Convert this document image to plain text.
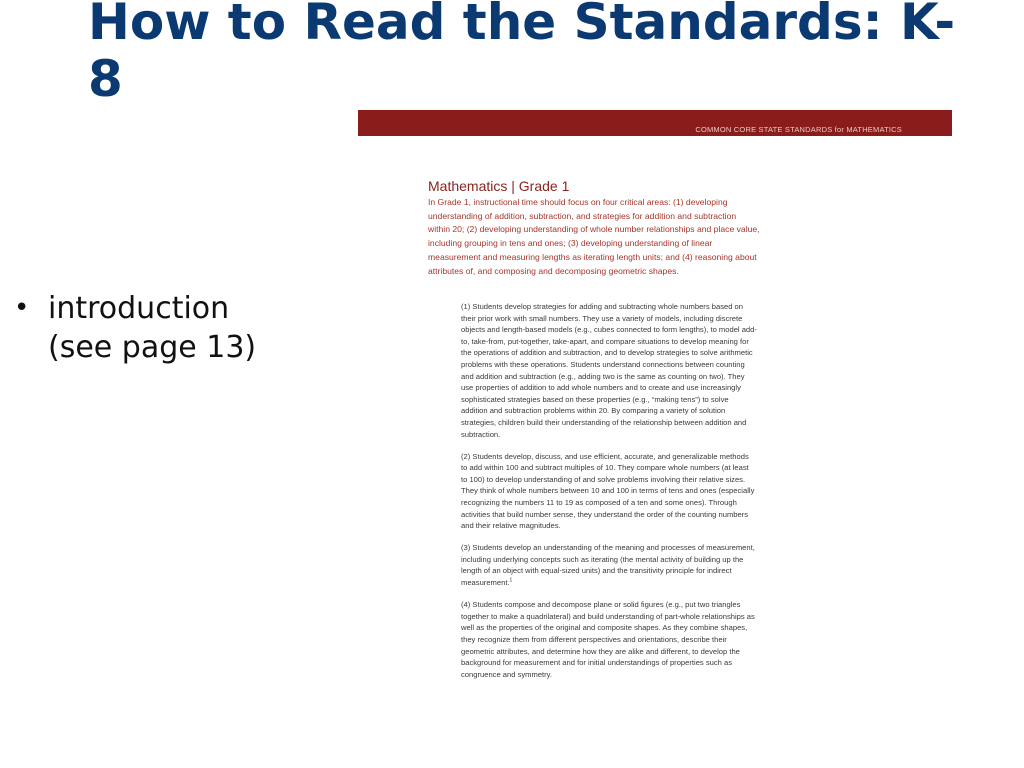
How to Read the Standards: K-8
• introduction
(see page 13)
COMMON CORE STATE STANDARDS for MATHEMATICS
Mathematics | Grade 1

In Grade 1, instructional time should focus on four critical areas: (1) developing understanding of addition, subtraction, and strategies for addition and subtraction within 20; (2) developing understanding of whole number relationships and place value, including grouping in tens and ones; (3) developing understanding of linear measurement and measuring lengths as iterating length units; and (4) reasoning about attributes of, and composing and decomposing geometric shapes.

(1) Students develop strategies for adding and subtracting whole numbers based on their prior work with small numbers. They use a variety of models, including discrete objects and length-based models (e.g., cubes connected to form lengths), to model add-to, take-from, put-together, take-apart, and compare situations to develop meaning for the operations of addition and subtraction, and to develop strategies to solve arithmetic problems with these operations. Students understand connections between counting and addition and subtraction (e.g., adding two is the same as counting on two). They use properties of addition to add whole numbers and to create and use increasingly sophisticated strategies based on these properties (e.g., “making tens”) to solve addition and subtraction problems within 20. By comparing a variety of solution strategies, children build their understanding of the relationship between addition and subtraction.

(2) Students develop, discuss, and use efficient, accurate, and generalizable methods to add within 100 and subtract multiples of 10. They compare whole numbers (at least to 100) to develop understanding of and solve problems involving their relative sizes. They think of whole numbers between 10 and 100 in terms of tens and ones (especially recognizing the numbers 11 to 19 as composed of a ten and some ones). Through activities that build number sense, they understand the order of the counting numbers and their relative magnitudes.

(3) Students develop an understanding of the meaning and processes of measurement, including underlying concepts such as iterating (the mental activity of building up the length of an object with equal-sized units) and the transitivity principle for indirect measurement.$^1$

(4) Students compose and decompose plane or solid figures (e.g., put two triangles together to make a quadrilateral) and build understanding of part-whole relationships as well as the properties of the original and composite shapes. As they combine shapes, they recognize them from different perspectives and orientations, describe their geometric attributes, and determine how they are alike and different, to develop the background for measurement and for initial understandings of properties such as congruence and symmetry.
